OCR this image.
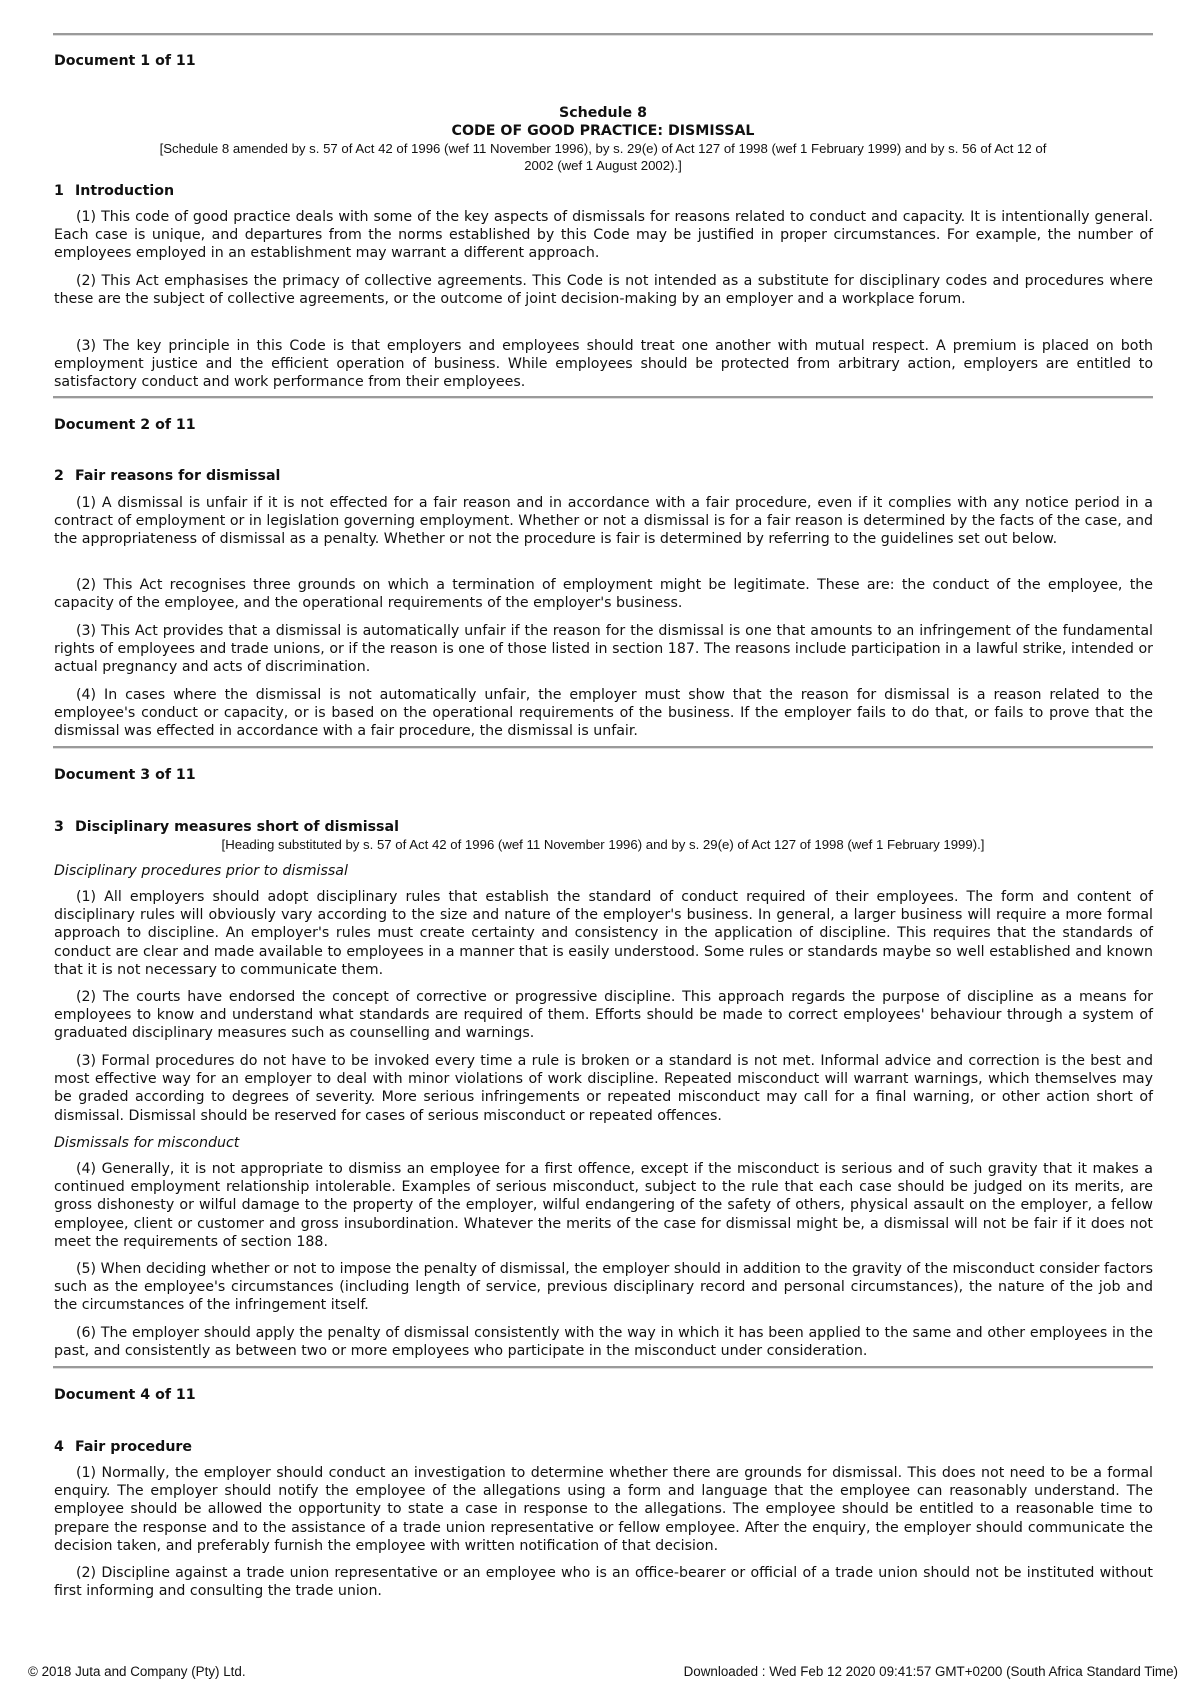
Document 1 of 11
Schedule 8
CODE OF GOOD PRACTICE: DISMISSAL
[Schedule 8 amended by s. 57 of Act 42 of 1996 (wef 11 November 1996), by s. 29(e) of Act 127 of 1998 (wef 1 February 1999) and by s. 56 of Act 12 of
2002 (wef 1 August 2002).]
1 Introduction
(1) This code of good practice deals with some of the key aspects of dismissals for reasons related to conduct and capacity. It is intentionally general. Each case is unique, and departures from the norms established by this Code may be justified in proper circumstances. For example, the number of employees employed in an establishment may warrant a different approach.
(2) This Act emphasises the primacy of collective agreements. This Code is not intended as a substitute for disciplinary codes and procedures where these are the subject of collective agreements, or the outcome of joint decision-making by an employer and a workplace forum.
(3) The key principle in this Code is that employers and employees should treat one another with mutual respect. A premium is placed on both employment justice and the efficient operation of business. While employees should be protected from arbitrary action, employers are entitled to satisfactory conduct and work performance from their employees.
Document 2 of 11
2 Fair reasons for dismissal
(1) A dismissal is unfair if it is not effected for a fair reason and in accordance with a fair procedure, even if it complies with any notice period in a contract of employment or in legislation governing employment. Whether or not a dismissal is for a fair reason is determined by the facts of the case, and the appropriateness of dismissal as a penalty. Whether or not the procedure is fair is determined by referring to the guidelines set out below.
(2) This Act recognises three grounds on which a termination of employment might be legitimate. These are: the conduct of the employee, the capacity of the employee, and the operational requirements of the employer's business.
(3) This Act provides that a dismissal is automatically unfair if the reason for the dismissal is one that amounts to an infringement of the fundamental rights of employees and trade unions, or if the reason is one of those listed in section 187. The reasons include participation in a lawful strike, intended or actual pregnancy and acts of discrimination.
(4) In cases where the dismissal is not automatically unfair, the employer must show that the reason for dismissal is a reason related to the employee's conduct or capacity, or is based on the operational requirements of the business. If the employer fails to do that, or fails to prove that the dismissal was effected in accordance with a fair procedure, the dismissal is unfair.
Document 3 of 11
3 Disciplinary measures short of dismissal
[Heading substituted by s. 57 of Act 42 of 1996 (wef 11 November 1996) and by s. 29(e) of Act 127 of 1998 (wef 1 February 1999).]
Disciplinary procedures prior to dismissal
(1) All employers should adopt disciplinary rules that establish the standard of conduct required of their employees. The form and content of disciplinary rules will obviously vary according to the size and nature of the employer's business. In general, a larger business will require a more formal approach to discipline. An employer's rules must create certainty and consistency in the application of discipline. This requires that the standards of conduct are clear and made available to employees in a manner that is easily understood. Some rules or standards maybe so well established and known that it is not necessary to communicate them.
(2) The courts have endorsed the concept of corrective or progressive discipline. This approach regards the purpose of discipline as a means for employees to know and understand what standards are required of them. Efforts should be made to correct employees' behaviour through a system of graduated disciplinary measures such as counselling and warnings.
(3) Formal procedures do not have to be invoked every time a rule is broken or a standard is not met. Informal advice and correction is the best and most effective way for an employer to deal with minor violations of work discipline. Repeated misconduct will warrant warnings, which themselves may be graded according to degrees of severity. More serious infringements or repeated misconduct may call for a final warning, or other action short of dismissal. Dismissal should be reserved for cases of serious misconduct or repeated offences.
Dismissals for misconduct
(4) Generally, it is not appropriate to dismiss an employee for a first offence, except if the misconduct is serious and of such gravity that it makes a continued employment relationship intolerable. Examples of serious misconduct, subject to the rule that each case should be judged on its merits, are gross dishonesty or wilful damage to the property of the employer, wilful endangering of the safety of others, physical assault on the employer, a fellow employee, client or customer and gross insubordination. Whatever the merits of the case for dismissal might be, a dismissal will not be fair if it does not meet the requirements of section 188.
(5) When deciding whether or not to impose the penalty of dismissal, the employer should in addition to the gravity of the misconduct consider factors such as the employee's circumstances (including length of service, previous disciplinary record and personal circumstances), the nature of the job and the circumstances of the infringement itself.
(6) The employer should apply the penalty of dismissal consistently with the way in which it has been applied to the same and other employees in the past, and consistently as between two or more employees who participate in the misconduct under consideration.
Document 4 of 11
4 Fair procedure
(1) Normally, the employer should conduct an investigation to determine whether there are grounds for dismissal. This does not need to be a formal enquiry. The employer should notify the employee of the allegations using a form and language that the employee can reasonably understand. The employee should be allowed the opportunity to state a case in response to the allegations. The employee should be entitled to a reasonable time to prepare the response and to the assistance of a trade union representative or fellow employee. After the enquiry, the employer should communicate the decision taken, and preferably furnish the employee with written notification of that decision.
(2) Discipline against a trade union representative or an employee who is an office-bearer or official of a trade union should not be instituted without first informing and consulting the trade union.
© 2018 Juta and Company (Pty) Ltd.	Downloaded : Wed Feb 12 2020 09:41:57 GMT+0200 (South Africa Standard Time)
